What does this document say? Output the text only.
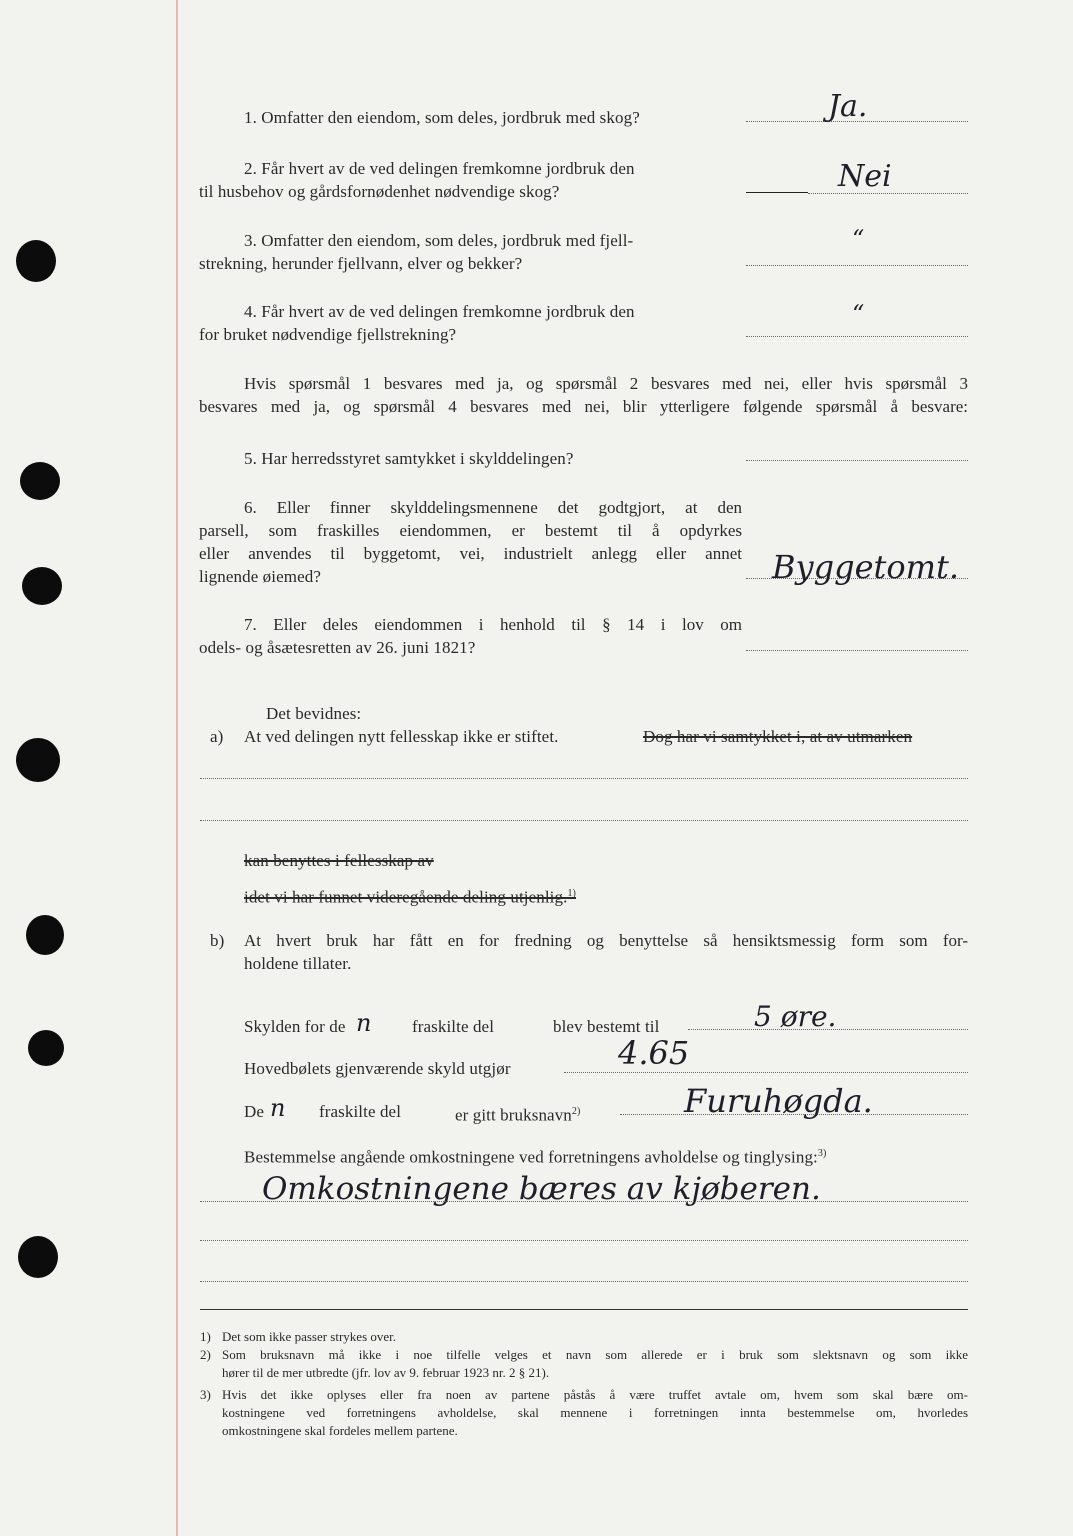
1. Omfatter den eiendom, som deles, jordbruk med skog?	Ja.
2. Får hvert av de ved delingen fremkomne jordbruk den
til husbehov og gårdsfornødenhet nødvendige skog?	Nei
3. Omfatter den eiendom, som deles, jordbruk med fjell-
strekning, herunder fjellvann, elver og bekker?
“
4. Får hvert av de ved delingen fremkomne jordbruk den
for bruket nødvendige fjellstrekning?
“
Hvis spørsmål 1 besvares med ja, og spørsmål 2 besvares med nei, eller hvis spørsmål 3
besvares med ja, og spørsmål 4 besvares med nei, blir ytterligere følgende spørsmål å besvare:
5. Har herredsstyret samtykket i skylddelingen?
6. Eller finner skylddelingsmennene det godtgjort, at den
parsell, som fraskilles eiendommen, er bestemt til å opdyrkes
eller anvendes til byggetomt, vei, industrielt anlegg eller annet
lignende øiemed?	Byggetomt.
7. Eller deles eiendommen i henhold til § 14 i lov om
odels- og åsætesretten av 26. juni 1821?
Det bevidnes:
a) At ved delingen nytt fellesskap ikke er stiftet.	Dog har vi samtykket i, at av utmarken
kan benyttes i fellesskap av
idet vi har funnet videregående deling utjenlig.$^{1)}$
b) At hvert bruk har fått en for fredning og benyttelse så hensiktsmessig form som for-
holdene tillater.
Skylden for de n fraskilte del	blev bestemt til	5 øre.
Hovedbølets gjenværende skyld utgjør	4.65
De n fraskilte del	er gitt bruksnavn$^{2)}$	Furuhøgda.
Bestemmelse angående omkostningene ved forretningens avholdelse og tinglysing:$^{3)}$
Omkostningene bæres av kjøberen.
1) Det som ikke passer strykes over.
2) Som bruksnavn må ikke i noe tilfelle velges et navn som allerede er i bruk som slektsnavn og som ikke
hører til de mer utbredte (jfr. lov av 9. februar 1923 nr. 2 § 21).
3) Hvis det ikke oplyses eller fra noen av partene påstås å være truffet avtale om, hvem som skal bære om-
kostningene ved forretningens avholdelse, skal mennene i forretningen innta bestemmelse om, hvorledes
omkostningene skal fordeles mellem partene.
